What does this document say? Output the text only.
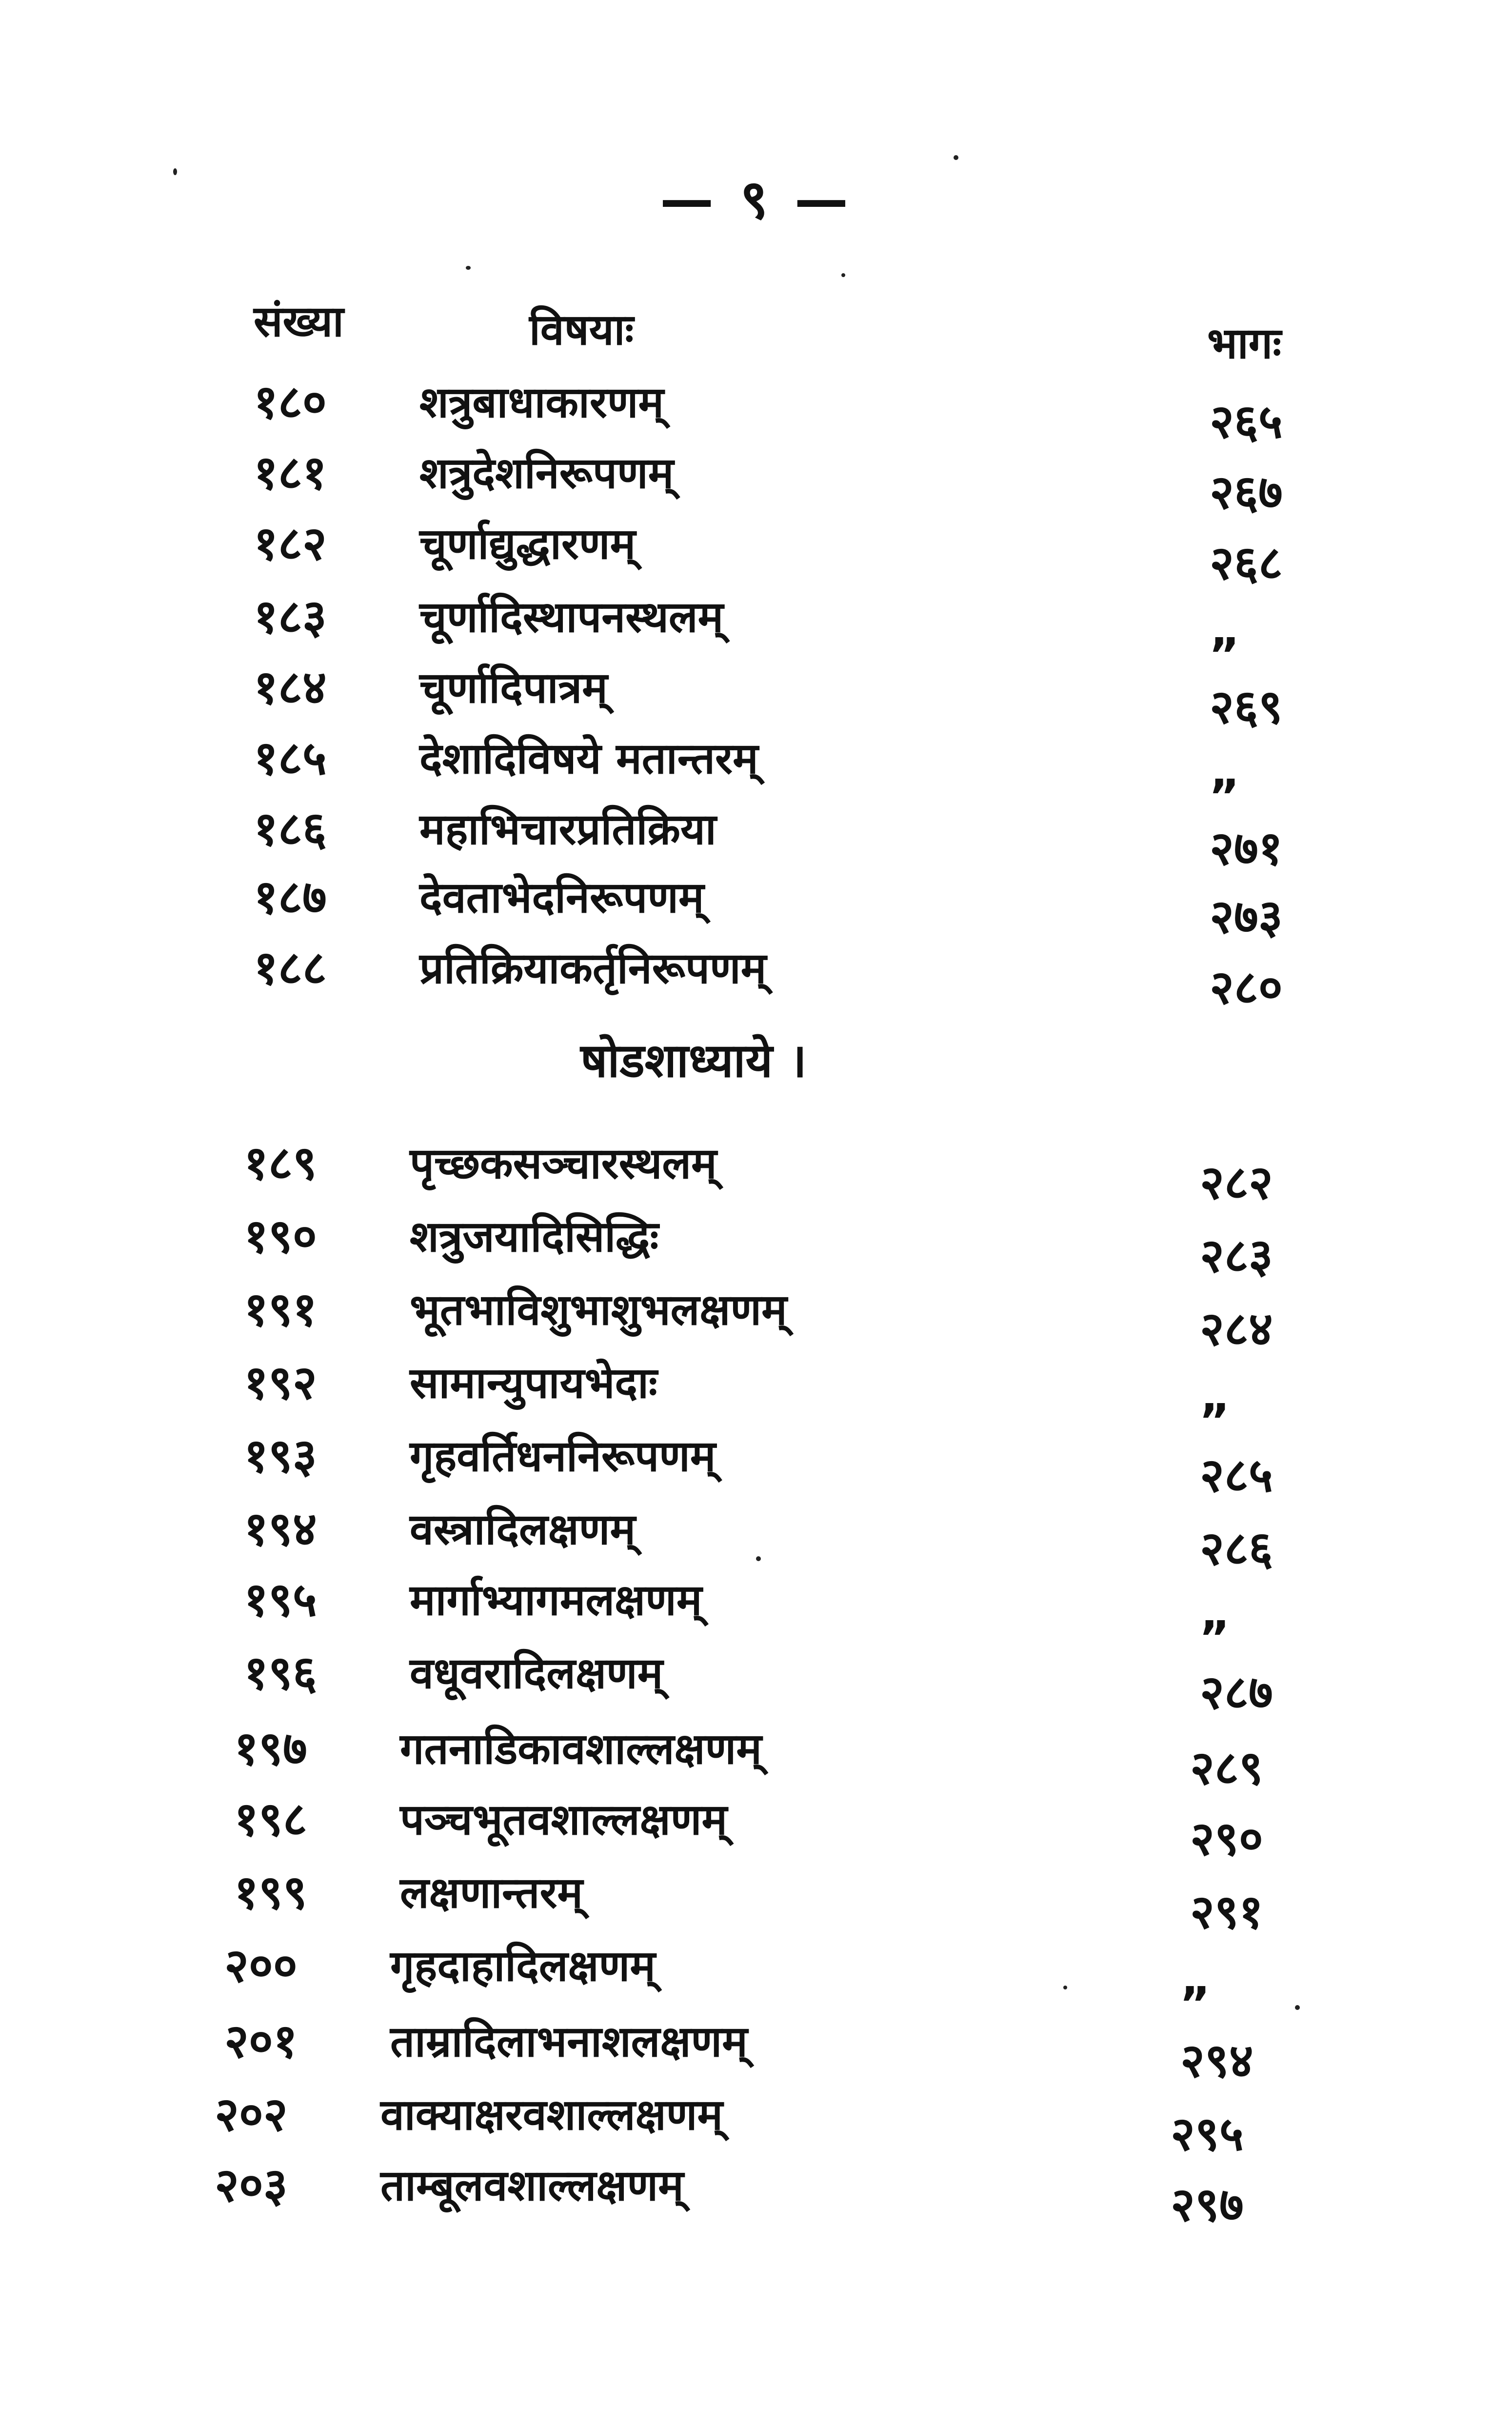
— ९ —
संख्या	विषयाः	भागः
१८०	शत्रुबाधाकारणम्	२६५
१८१	शत्रुदेशनिरूपणम्	२६७
१८२	चूर्णाद्युद्धारणम्	२६८
१८३	चूर्णादिस्थापनस्थलम्	„
१८४	चूर्णादिपात्रम्	२६९
१८५	देशादिविषये मतान्तरम्	„
१८६	महाभिचारप्रतिक्रिया	२७१
१८७	देवताभेदनिरूपणम्	२७३
१८८	प्रतिक्रियाकर्तृनिरूपणम्	२८०
षोडशाध्याये ।
१८९	पृच्छकसञ्चारस्थलम्	२८२
१९०	शत्रुजयादिसिद्धिः	२८३
१९१	भूतभाविशुभाशुभलक्षणम्	२८४
१९२	सामान्युपायभेदाः	„
१९३	गृहवर्तिधननिरूपणम्	२८५
१९४	वस्त्रादिलक्षणम्	२८६
१९५	मार्गाभ्यागमलक्षणम्	„
१९६	वधूवरादिलक्षणम्	२८७
१९७	गतनाडिकावशाल्लक्षणम्	२८९
१९८	पञ्चभूतवशाल्लक्षणम्	२९०
१९९	लक्षणान्तरम्	२९१
२००	गृहदाहादिलक्षणम्	„
२०१	ताम्रादिलाभनाशलक्षणम्	२९४
२०२	वाक्याक्षरवशाल्लक्षणम्	२९५
२०३	ताम्बूलवशाल्लक्षणम्	२९७
